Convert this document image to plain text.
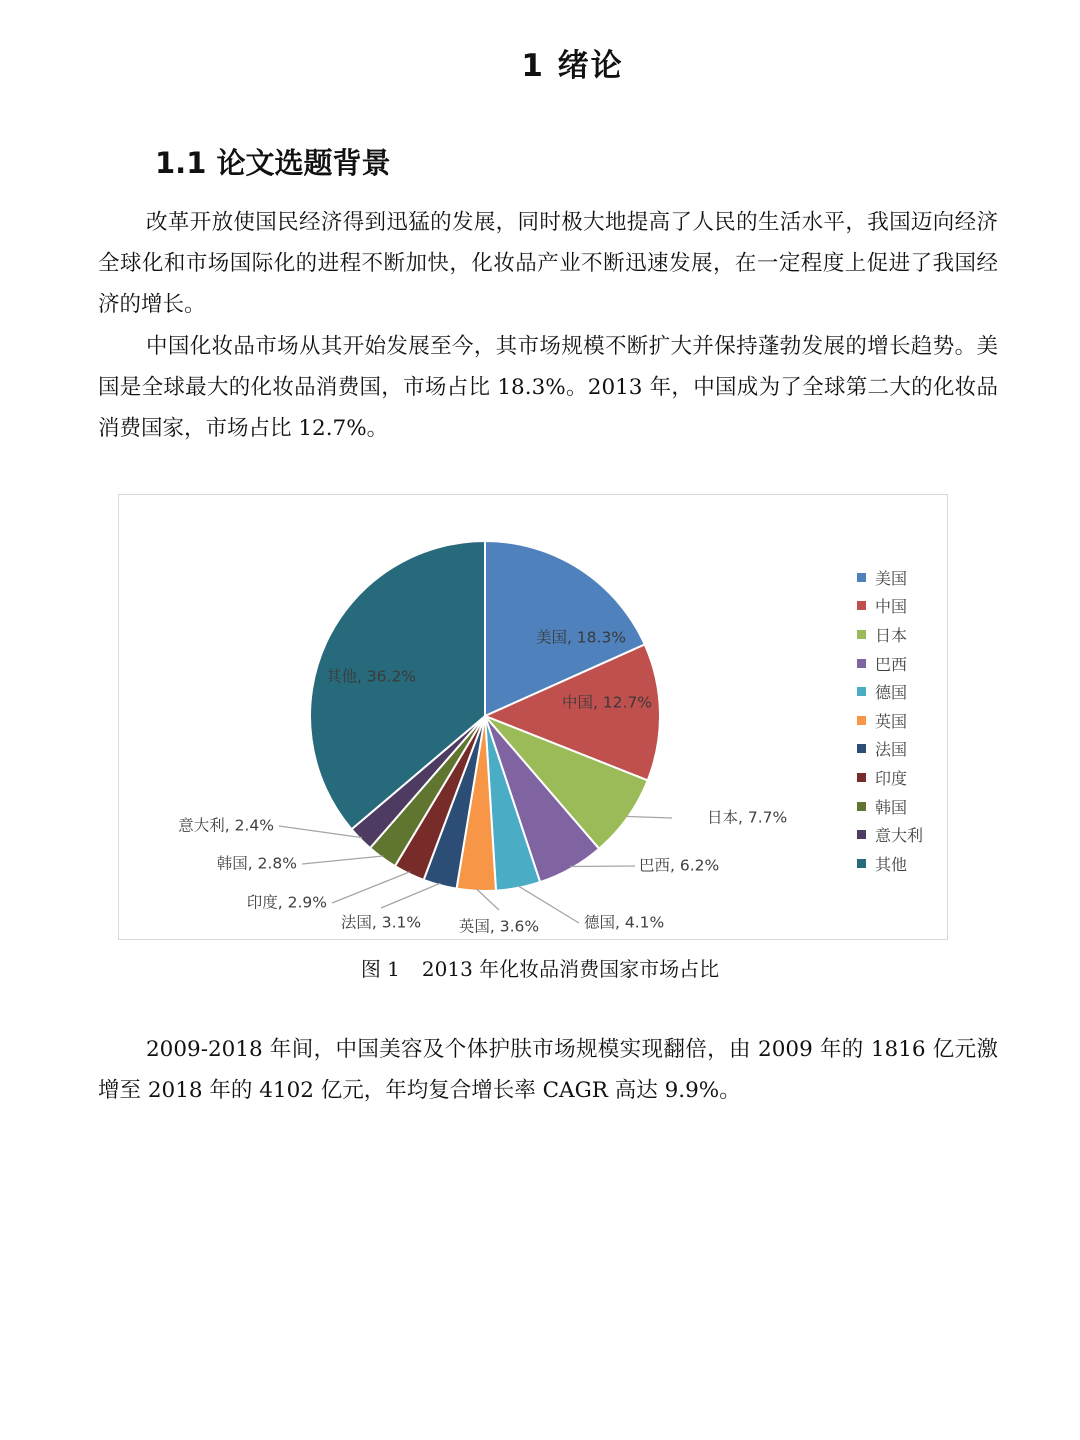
1 绪论
1.1 论文选题背景

改革开放使国民经济得到迅猛的发展，同时极大地提高了人民的生活水平，我国迈向经济全球化和市场国际化的进程不断加快，化妆品产业不断迅速发展，在一定程度上促进了我国经济的增长。

中国化妆品市场从其开始发展至今，其市场规模不断扩大并保持蓬勃发展的增长趋势。美国是全球最大的化妆品消费国，市场占比 18.3%。2013 年，中国成为了全球第二大的化妆品消费国家，市场占比 12.7%。

美国, 18.3%
中国, 12.7%
日本, 7.7%
巴西, 6.2%
德国, 4.1%
英国, 3.6%
法国, 3.1%
印度, 2.9%
韩国, 2.8%
意大利, 2.4%
其他, 36.2%
美国
中国
日本
巴西
德国
英国
法国
印度
韩国
意大利
其他
图 1 2013 年化妆品消费国家市场占比

2009-2018 年间，中国美容及个体护肤市场规模实现翻倍，由 2009 年的 1816 亿元激增至 2018 年的 4102 亿元，年均复合增长率 CAGR 高达 9.9%。
